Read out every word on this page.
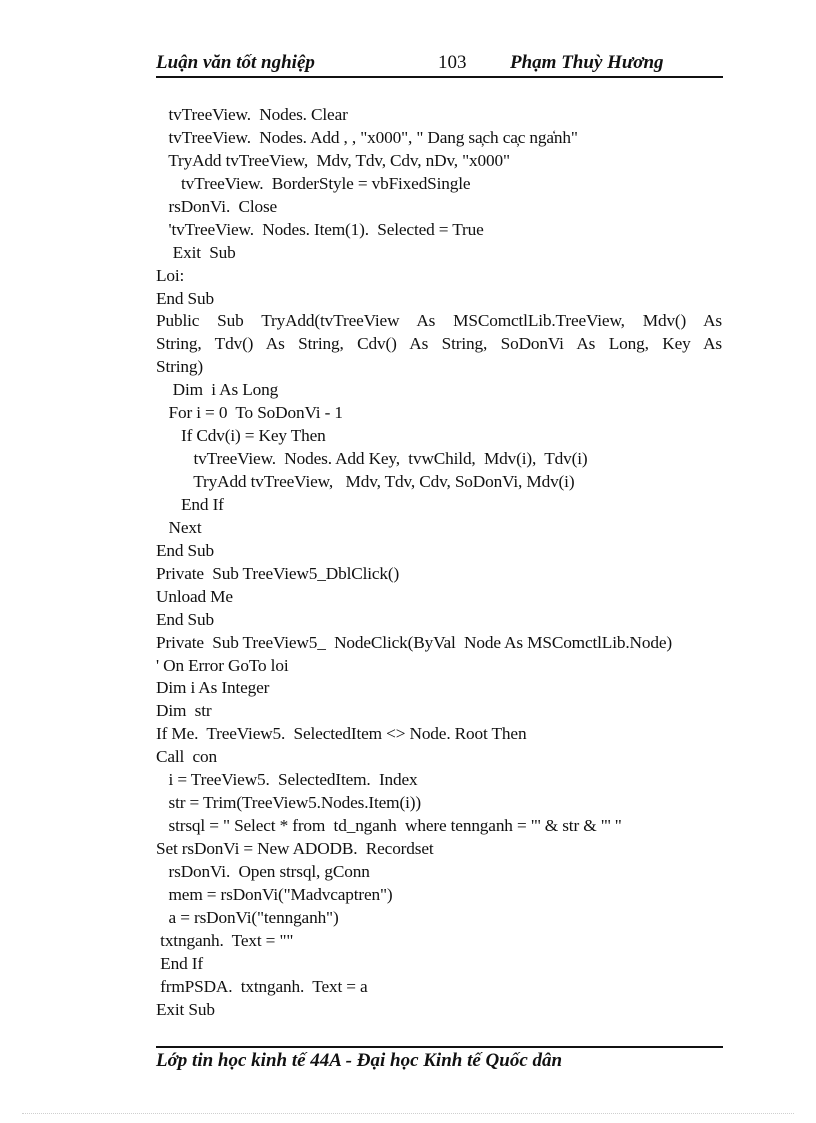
Luận văn tốt nghiệp	103 Phạm Thuỳ Hương
tvTreeView.  Nodes. Clear
tvTreeView.  Nodes. Add , , "x000", " Dang sa̦ch ca̦c nga̒nh"
TryAdd tvTreeView,  Mdv, Tdv, Cdv, nDv, "x000"
tvTreeView.  BorderStyle = vbFixedSingle
rsDonVi.  Close
'tvTreeView.  Nodes. Item(1).  Selected = True
Exit  Sub
Loi:
End Sub
Public Sub TryAdd(tvTreeView As MSComctlLib.TreeView, Mdv() As
String, Tdv() As String, Cdv() As String, SoDonVi As Long, Key As
String)
Dim  i As Long
For i = 0  To SoDonVi - 1
If Cdv(i) = Key Then
tvTreeView.  Nodes. Add Key,  tvwChild,  Mdv(i),  Tdv(i)
TryAdd tvTreeView,   Mdv, Tdv, Cdv, SoDonVi, Mdv(i)
End If
Next
End Sub
Private  Sub TreeView5_DblClick()
Unload Me
End Sub
Private  Sub TreeView5_  NodeClick(ByVal  Node As MSComctlLib.Node)
' On Error GoTo loi
Dim i As Integer
Dim  str
If Me.  TreeView5.  SelectedItem <> Node. Root Then
Call  con
i = TreeView5.  SelectedItem.  Index
str = Trim(TreeView5.Nodes.Item(i))
strsql = " Select * from  td_nganh  where tennganh = "' & str & "' "
Set rsDonVi = New ADODB.  Recordset
rsDonVi.  Open strsql, gConn
mem = rsDonVi("Madvcaptren")
a = rsDonVi("tennganh")
txtnganh.  Text = ""
End If
frmPSDA.  txtnganh.  Text = a
Exit Sub
Lớp tin học kinh tế 44A - Đại học Kinh tế Quốc dân
